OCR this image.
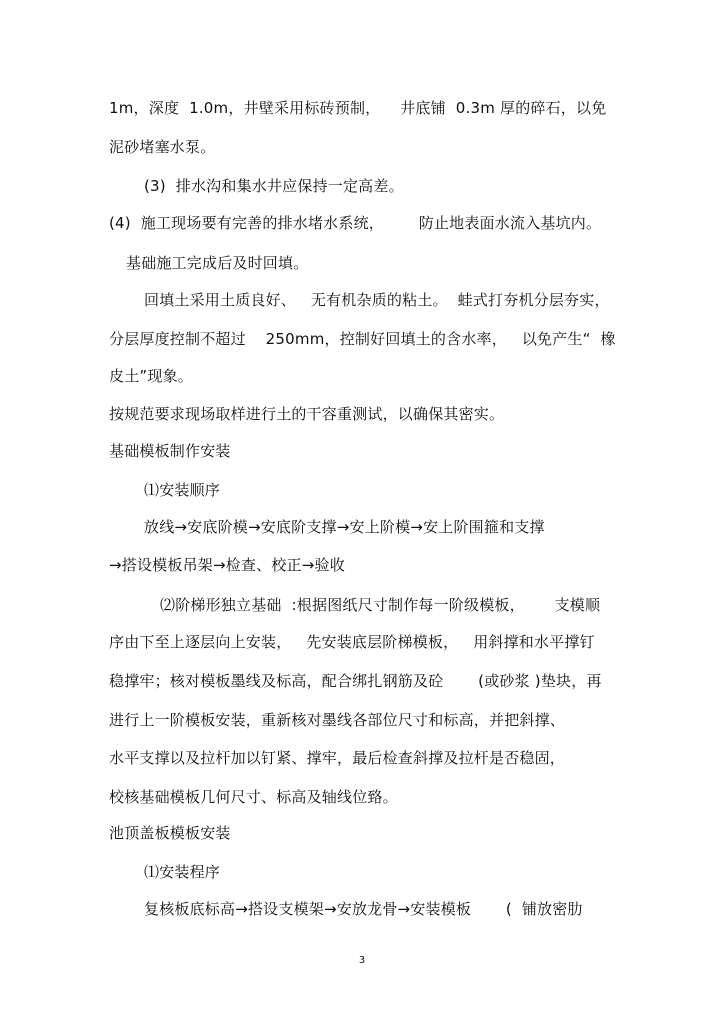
1m，深度  1.0m，井壁采用标砖预制，    井底铺  0.3m 厚的碎石，以免
泥砂堵塞水泵。
(3)  排水沟和集水井应保持一定高差。
(4)  施工现场要有完善的排水堵水系统，       防止地表面水流入基坑内。
基础施工完成后及时回填。
回填土采用土质良好、   无有机杂质的粘土。  蛙式打夯机分层夯实，
分层厚度控制不超过    250mm，控制好回填土的含水率，   以免产生“  橡
皮土”现象。
按规范要求现场取样进行土的干容重测试，以确保其密实。
基础模板制作安装
⑴安装顺序
放线→安底阶模→安底阶支撑→安上阶模→安上阶围箍和支撑
→搭设模板吊架→检查、校正→验收
⑵阶梯形独立基础  :根据图纸尺寸制作每一阶级模板，      支模顺
序由下至上逐层向上安装，   先安装底层阶梯模板，   用斜撑和水平撑钉
稳撑牢；核对模板墨线及标高，配合绑扎钢筋及砼       (或砂浆 )垫块，再
进行上一阶模板安装，重新核对墨线各部位尺寸和标高，并把斜撑、
水平支撑以及拉杆加以钉紧、撑牢，最后检查斜撑及拉杆是否稳固，
校核基础模板几何尺寸、标高及轴线位臵。
池顶盖板模板安装
⑴安装程序
复核板底标高→搭设支模架→安放龙骨→安装模板       (  铺放密肋
3
